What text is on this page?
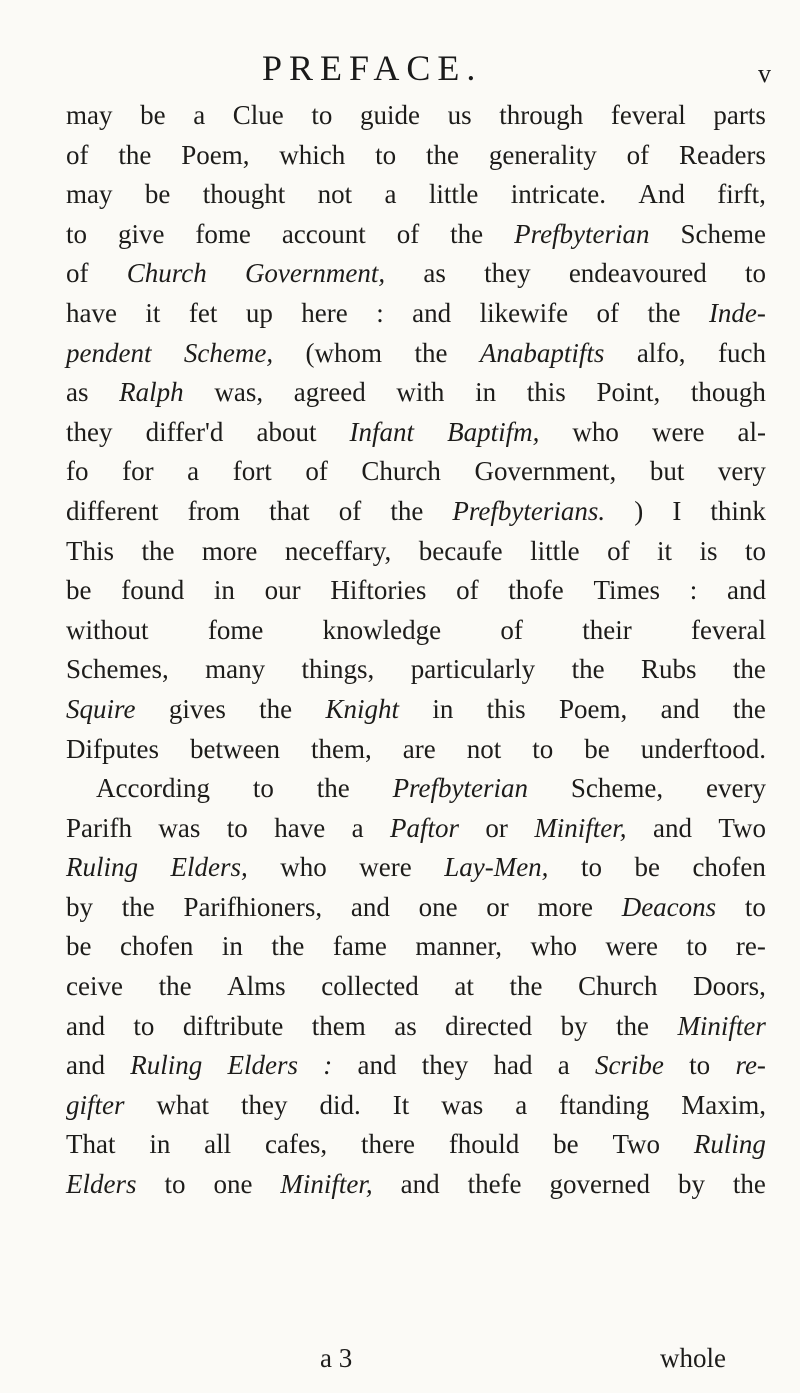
PREFACE.	v
may be a Clue to guide us through feveral parts
of the Poem, which to the generality of Readers
may be thought not a little intricate. And firft,
to give fome account of the Prefbyterian Scheme
of Church Government, as they endeavoured to
have it fet up here : and likewife of the Inde-
pendent Scheme, (whom the Anabaptifts alfo, fuch
as Ralph was, agreed with in this Point, though
they differ'd about Infant Baptifm, who were al-
fo for a fort of Church Government, but very
different from that of the Prefbyterians. ) I think
This the more neceffary, becaufe little of it is to
be found in our Hiftories of thofe Times : and
without fome knowledge of their feveral
Schemes, many things, particularly the Rubs the
Squire gives the Knight in this Poem, and the
Difputes between them, are not to be underftood.
According to the Prefbyterian Scheme, every
Parifh was to have a Paftor or Minifter, and Two
Ruling Elders, who were Lay-Men, to be chofen
by the Parifhioners, and one or more Deacons to
be chofen in the fame manner, who were to re-
ceive the Alms collected at the Church Doors,
and to diftribute them as directed by the Minifter
and Ruling Elders : and they had a Scribe to re-
gifter what they did. It was a ftanding Maxim,
That in all cafes, there fhould be Two Ruling
Elders to one Minifter, and thefe governed by the
a 3	whole
